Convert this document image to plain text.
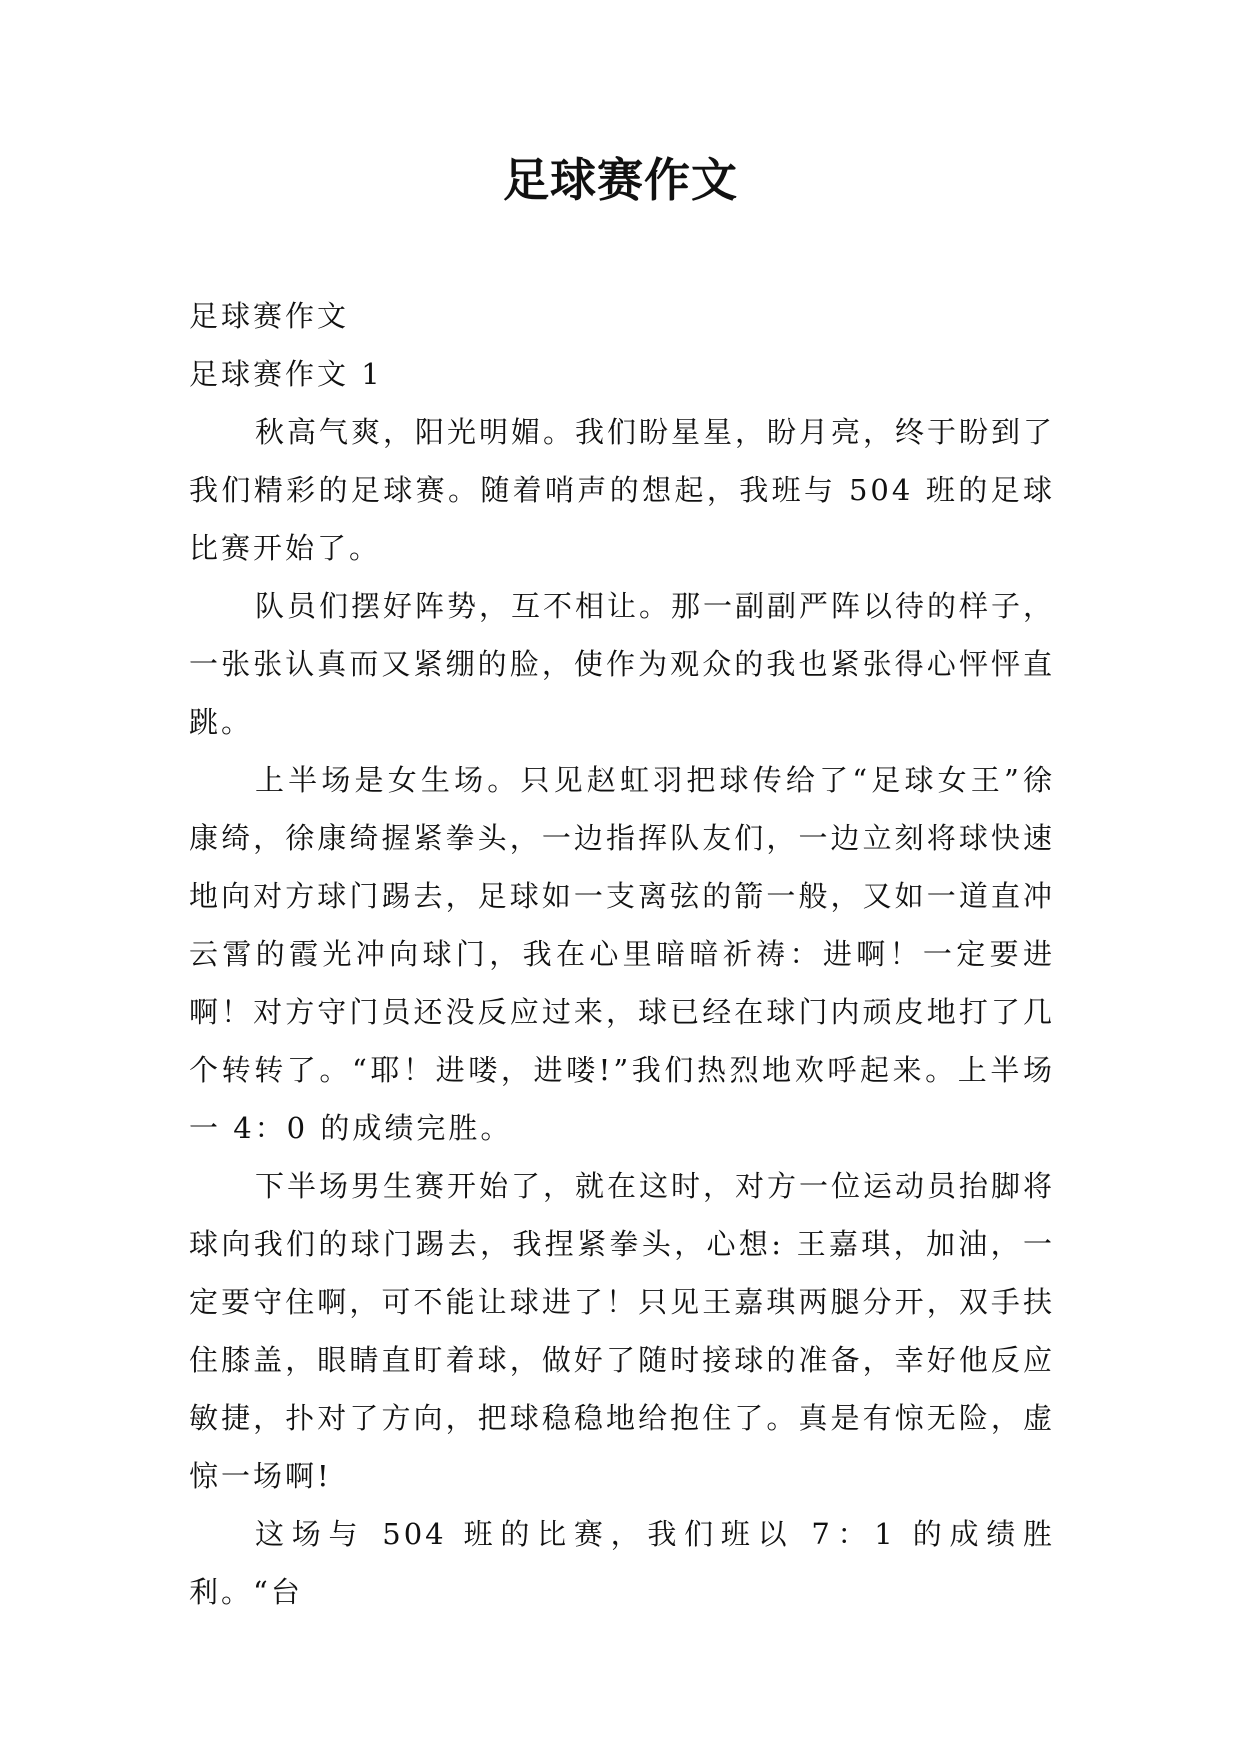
足球赛作文

足球赛作文

足球赛作文 1

秋高气爽，阳光明媚。我们盼星星，盼月亮，终于盼到了我们精彩的足球赛。随着哨声的想起，我班与 504 班的足球比赛开始了。

队员们摆好阵势，互不相让。那一副副严阵以待的样子，一张张认真而又紧绷的脸，使作为观众的我也紧张得心怦怦直跳。

上半场是女生场。只见赵虹羽把球传给了“足球女王”徐康绮，徐康绮握紧拳头，一边指挥队友们，一边立刻将球快速地向对方球门踢去，足球如一支离弦的箭一般，又如一道直冲云霄的霞光冲向球门，我在心里暗暗祈祷：进啊！一定要进啊！对方守门员还没反应过来，球已经在球门内顽皮地打了几个转转了。“耶！进喽，进喽!”我们热烈地欢呼起来。上半场一 4：0 的成绩完胜。

下半场男生赛开始了，就在这时，对方一位运动员抬脚将球向我们的球门踢去，我捏紧拳头，心想: 王嘉琪，加油，一定要守住啊，可不能让球进了！只见王嘉琪两腿分开，双手扶住膝盖，眼睛直盯着球，做好了随时接球的准备，幸好他反应敏捷，扑对了方向，把球稳稳地给抱住了。真是有惊无险，虚惊一场啊!

这场与 504 班的比赛，我们班以 7：1 的成绩胜利。“台
